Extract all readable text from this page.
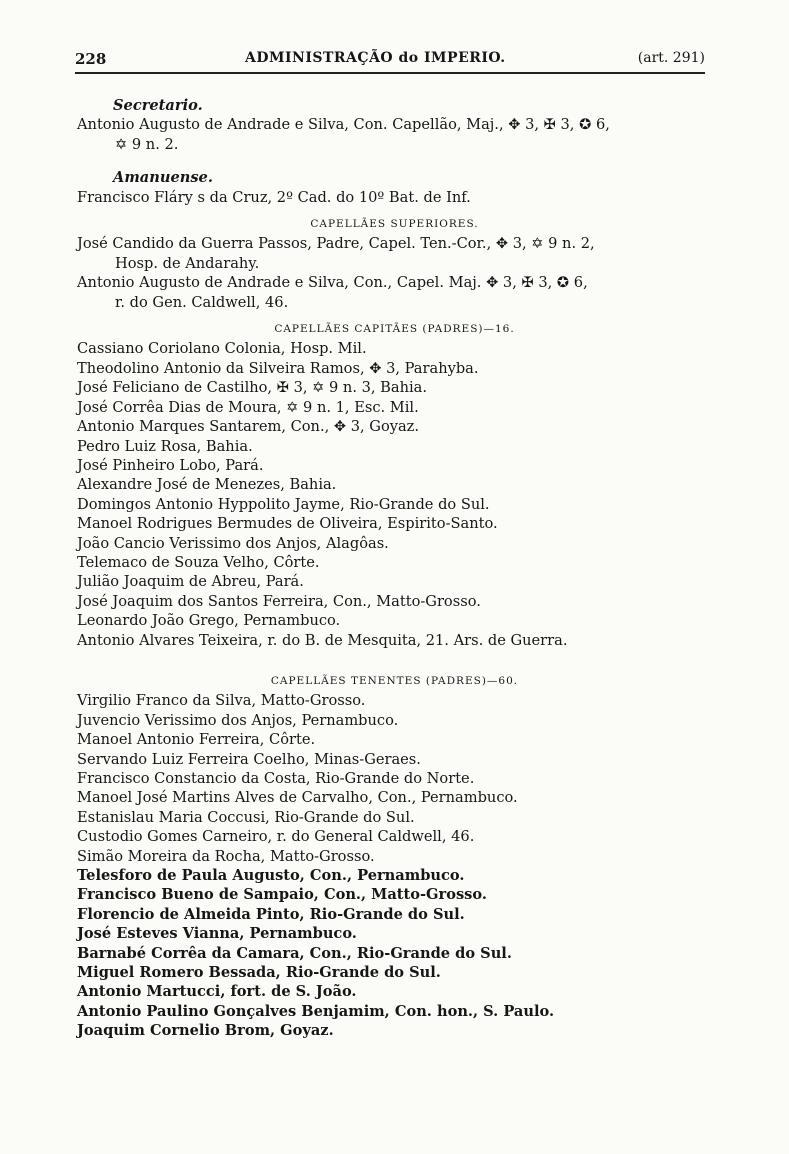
228	ADMINISTRAÇÃO do IMPERIO.	(art. 291)
Secretario.
Antonio Augusto de Andrade e Silva, Con. Capellão, Maj., ✥ 3, ✠ 3, ✪ 6,
✡ 9 n. 2.
Amanuense.
Francisco Fláry s da Cruz, 2º Cad. do 10º Bat. de Inf.
CAPELLÃES SUPERIORES.
José Candido da Guerra Passos, Padre, Capel. Ten.-Cor., ✥ 3, ✡ 9 n. 2,
Hosp. de Andarahy.
Antonio Augusto de Andrade e Silva, Con., Capel. Maj. ✥ 3, ✠ 3, ✪ 6,
r. do Gen. Caldwell, 46.
CAPELLÃES CAPITÃES (PADRES)—16.
Cassiano Coriolano Colonia, Hosp. Mil.
Theodolino Antonio da Silveira Ramos, ✥ 3, Parahyba.
José Feliciano de Castilho, ✠ 3, ✡ 9 n. 3, Bahia.
José Corrêa Dias de Moura, ✡ 9 n. 1, Esc. Mil.
Antonio Marques Santarem, Con., ✥ 3, Goyaz.
Pedro Luiz Rosa, Bahia.
José Pinheiro Lobo, Pará.
Alexandre José de Menezes, Bahia.
Domingos Antonio Hyppolito Jayme, Rio-Grande do Sul.
Manoel Rodrigues Bermudes de Oliveira, Espirito-Santo.
João Cancio Verissimo dos Anjos, Alagôas.
Telemaco de Souza Velho, Côrte.
Julião Joaquim de Abreu, Pará.
José Joaquim dos Santos Ferreira, Con., Matto-Grosso.
Leonardo João Grego, Pernambuco.
Antonio Alvares Teixeira, r. do B. de Mesquita, 21. Ars. de Guerra.
CAPELLÃES TENENTES (PADRES)—60.
Virgilio Franco da Silva, Matto-Grosso.
Juvencio Verissimo dos Anjos, Pernambuco.
Manoel Antonio Ferreira, Côrte.
Servando Luiz Ferreira Coelho, Minas-Geraes.
Francisco Constancio da Costa, Rio-Grande do Norte.
Manoel José Martins Alves de Carvalho, Con., Pernambuco.
Estanislau Maria Coccusi, Rio-Grande do Sul.
Custodio Gomes Carneiro, r. do General Caldwell, 46.
Simão Moreira da Rocha, Matto-Grosso.
Telesforo de Paula Augusto, Con., Pernambuco.
Francisco Bueno de Sampaio, Con., Matto-Grosso.
Florencio de Almeida Pinto, Rio-Grande do Sul.
José Esteves Vianna, Pernambuco.
Barnabé Corrêa da Camara, Con., Rio-Grande do Sul.
Miguel Romero Bessada, Rio-Grande do Sul.
Antonio Martucci, fort. de S. João.
Antonio Paulino Gonçalves Benjamim, Con. hon., S. Paulo.
Joaquim Cornelio Brom, Goyaz.
